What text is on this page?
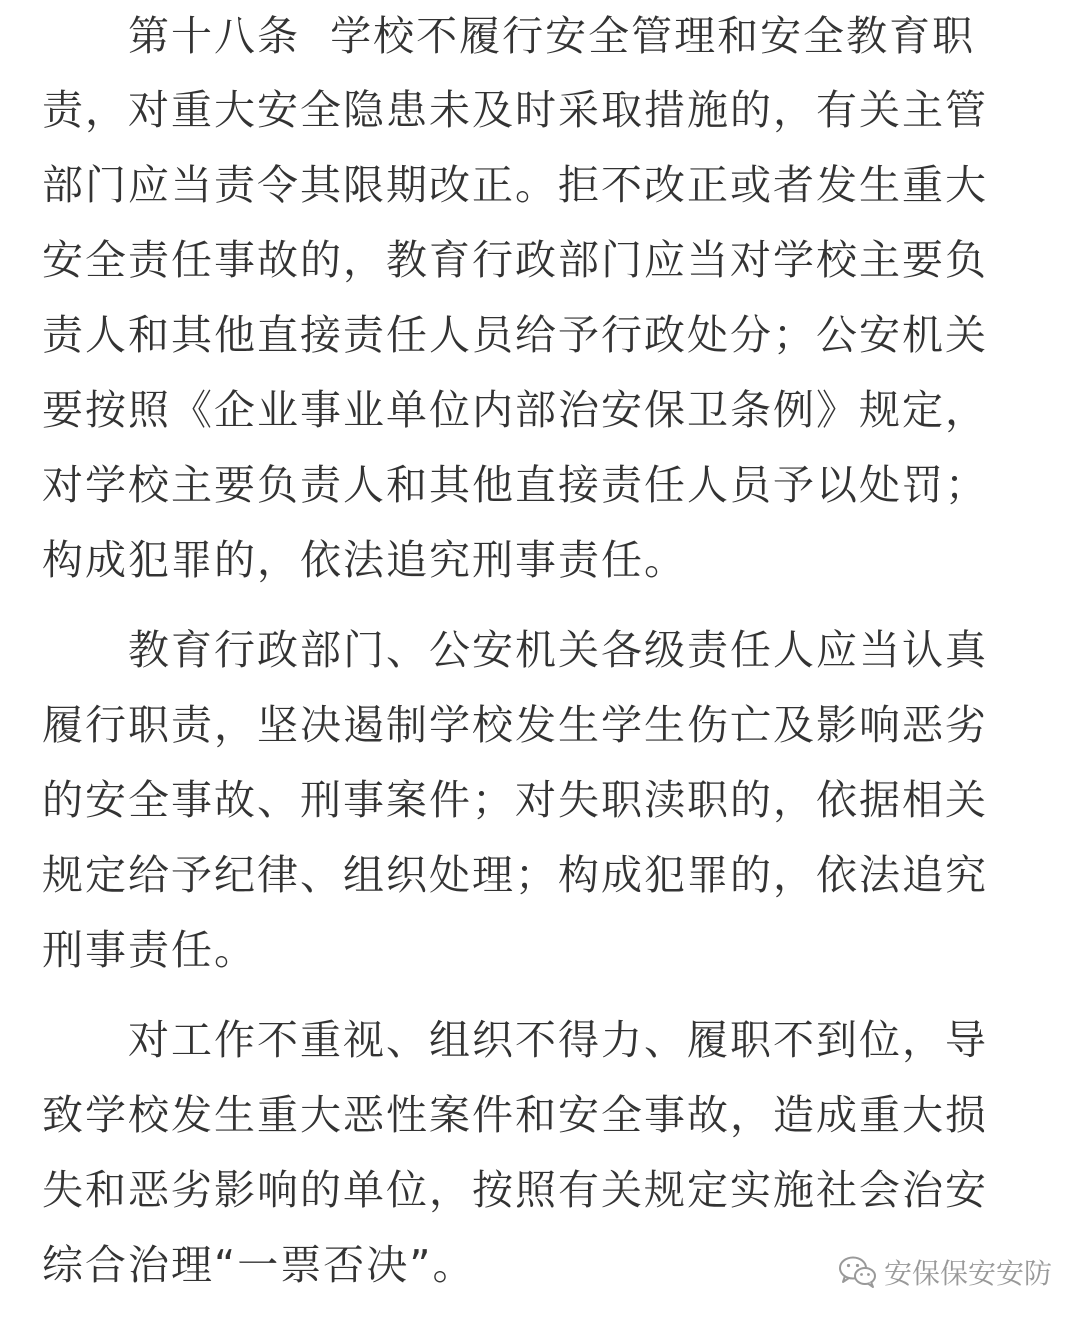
第十八条  学校不履行安全管理和安全教育职
责，对重大安全隐患未及时采取措施的，有关主管
部门应当责令其限期改正。拒不改正或者发生重大
安全责任事故的，教育行政部门应当对学校主要负
责人和其他直接责任人员给予行政处分；公安机关
要按照《企业事业单位内部治安保卫条例》规定，
对学校主要负责人和其他直接责任人员予以处罚；
构成犯罪的，依法追究刑事责任。
教育行政部门、公安机关各级责任人应当认真
履行职责，坚决遏制学校发生学生伤亡及影响恶劣
的安全事故、刑事案件；对失职渎职的，依据相关
规定给予纪律、组织处理；构成犯罪的，依法追究
刑事责任。
对工作不重视、组织不得力、履职不到位，导
致学校发生重大恶性案件和安全事故，造成重大损
失和恶劣影响的单位，按照有关规定实施社会治安
综合治理“一票否决”。	安保保安安防
